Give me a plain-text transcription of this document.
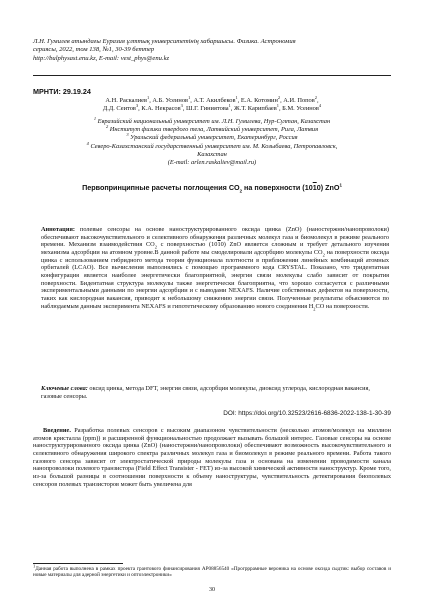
Л.Н. Гумилев атындағы Еуразия ұлттық университетінің хабаршысы. Физика. Астрономия
сериясы, 2022, том 138, №1, 30-39 беттер
http://bulphysast.enu.kz, E-mail: vest_phys@enu.kz
МРНТИ: 29.19.24
А.Н. Раскалиев$^1$, А.Б. Усеинов$^1$, А.Т. Акилбеков$^1$, Е.А. Котомин$^2$, А.И. Попов$^2$,
Д.Д. Сеитов$^3$, К.А. Некрасов$^3$, Ш.Г. Гиниятова$^1$, Ж.Т. Карипбаев$^1$, Б.М. Усеинов$^4$
$^1$ Евразийский национальный университет им. Л.Н. Гумилева, Нур-Султан, Казахстан
$^2$ Институт физики твердого тела, Латвийский университет, Рига, Латвия
$^3$ Уральский федеральный университет, Екатеринбург, Россия
$^4$ Северо-Казахстанский государственный университет им. М. Козыбаева, Петропавловск,
Казахстан
(E-mail: arlen.raskaliev@mail.ru)
Первопринципные расчеты поглощения $CO_2$ на поверхности (1010) ZnO$^1$
Аннотация: полевые сенсоры на основе наноструктурированного оксида цинка (ZnO) (наностержни/нанопроволоки) обеспечивают высокочувствительного и селективного обнаружения различных молекул газа и биомолекул в режиме реального времени. Механизм взаимодействия $CO_2$ с поверхностью (1010) ZnO является сложным и требует детального изучения механизма адсорбции на атомном уровне.В данной работе мы смоделировали адсорбцию молекулы $CO_2$ на поверхности оксида цинка с использованием гибридного метода теории функционала плотности в приближении линейных комбинаций атомных орбиталей (LCAO). Все вычисления выполнялись с помощью программного кода CRYSTAL. Показано, что тридентатная конфигурация является наиболее энергетически благоприятной, энергия связи молекулы слабо зависит от покрытия поверхности. Бидентатная структура молекулы также энергетически благоприятна, что хорошо согласуется с различными экспериментальными данными по энергии адсорбции и с выводами NEXAFS. Наличие собственных дефектов на поверхности, таких как кислородная вакансия, приводит к небольшому снижению энергии связи. Полученные результаты объясняются по наблюдаемым данным эксперимента NEXAFS и гипотетическому образованию нового соединения $H_2CO$ на поверхности.
Ключевые слова: оксид цинка, метода DFT, энергия связи, адсорбция молекулы, диоксид углерода, кислородная вакансия, газовые сенсоры.
DOI: https://doi.org/10.32523/2616-6836-2022-138-1-30-39
Введение. Разработка полевых сенсоров с высоким диапазоном чувствительности (несколько атомов/молекул на миллион атомов кристалла (ppm)) и расширенной функциональностью продолжает вызывать большой интерес. Газовые сенсоры на основе наноструктурированного оксида цинка (ZnO) (наностержни/нанопроволоки) обеспечивают возможность высокочувствительного и селективного обнаружения широкого спектра различных молекул газа и биомолекул в режиме реального времени. Работа такого газового сенсора зависит от электростатической природы молекулы газа и основана на изменении проводимости канала нанопроволоки полевого транзистора (Field Effect Transister - FET) из-за высокой химической активности наноструктур. Кроме того, из-за большой разницы в соотношении поверхности к объему наноструктуры, чувствительность детектирования биополевых сенсоров полевых транзисторов может быть увеличена для
$^1$Данная работа выполнена в рамках проекта грантового финансирования AP08856540 «Прогрррамные вероника на основе оксида сыдтик: выбор составов и новые материалы для адерной энергетики и оптоэлектроники»
30
